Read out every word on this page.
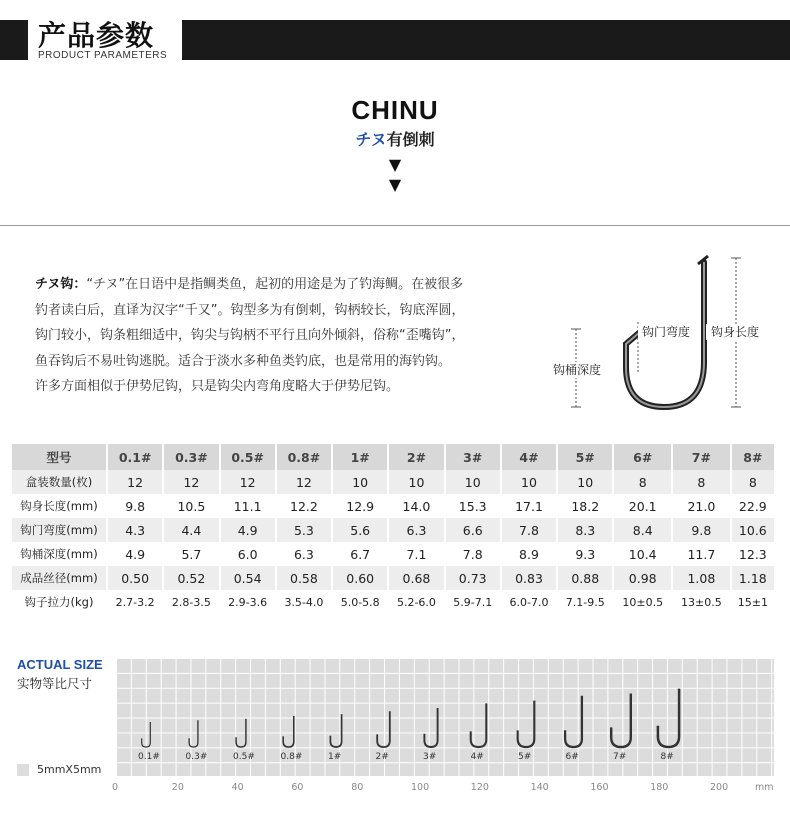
产品参数
PRODUCT PARAMETERS
CHINU
チヌ有倒刺
▼
▼
チヌ钩：“チヌ”在日语中是指鲷类鱼，起初的用途是为了钓海鲷。在被很多
钓者读白后，直译为汉字“千又”。钩型多为有倒刺，钩柄较长，钩底浑圆，
钩门较小，钩条粗细适中，钩尖与钩柄不平行且向外倾斜，俗称“歪嘴钩”，
鱼吞钩后不易吐钩逃脱。适合于淡水多种鱼类钓底，也是常用的海钓钩。
许多方面相似于伊势尼钩，只是钩尖内弯角度略大于伊势尼钩。
钩门弯度 钩身长度
钩桶深度
型号	0.1#	0.3#	0.5#	0.8#	1#	2#	3#	4#	5#	6#	7#	8#
盒装数量(枚)	12	12	12	12	10	10	10	10	10	8	8	8
钩身长度(mm)	9.8	10.5	11.1	12.2	12.9	14.0	15.3	17.1	18.2	20.1	21.0	22.9
钩门弯度(mm)	4.3	4.4	4.9	5.3	5.6	6.3	6.6	7.8	8.3	8.4	9.8	10.6
钩桶深度(mm)	4.9	5.7	6.0	6.3	6.7	7.1	7.8	8.9	9.3	10.4	11.7	12.3
成品丝径(mm)	0.50	0.52	0.54	0.58	0.60	0.68	0.73	0.83	0.88	0.98	1.08	1.18
钩子拉力(kg)	2.7-3.2	2.8-3.5	2.9-3.6	3.5-4.0	5.0-5.8	5.2-6.0	5.9-7.1	6.0-7.0	7.1-9.5	10±0.5	13±0.5	15±1
ACTUAL SIZE
实物等比尺寸
0.1#	0.3#	0.5#	0.8#	1#	2#	3#	4#	5#	6#	7#	8#
5mmX5mm
0	20	40	60	80	100	120	140	160	180	200	mm
